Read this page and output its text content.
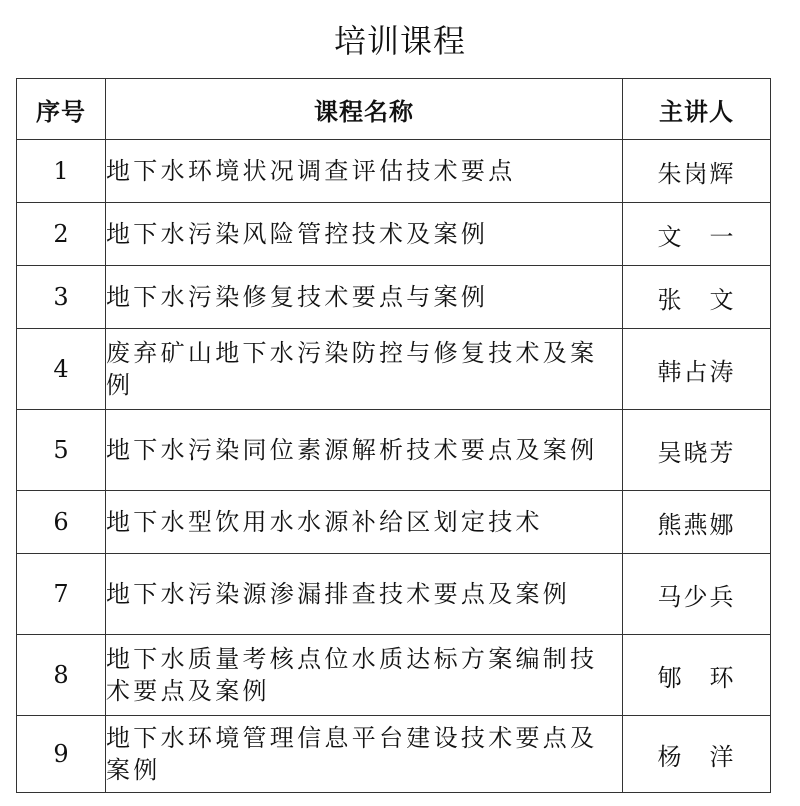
培训课程
序号	课程名称	主讲人
1	地下水环境状况调查评估技术要点	朱岗辉
2	地下水污染风险管控技术及案例	文　一
3	地下水污染修复技术要点与案例	张　文
4	废弃矿山地下水污染防控与修复技术及案例	韩占涛
5	地下水污染同位素源解析技术要点及案例	吴晓芳
6	地下水型饮用水水源补给区划定技术	熊燕娜
7	地下水污染源渗漏排查技术要点及案例	马少兵
8	地下水质量考核点位水质达标方案编制技术要点及案例	郇　环
9	地下水环境管理信息平台建设技术要点及案例	杨　洋
